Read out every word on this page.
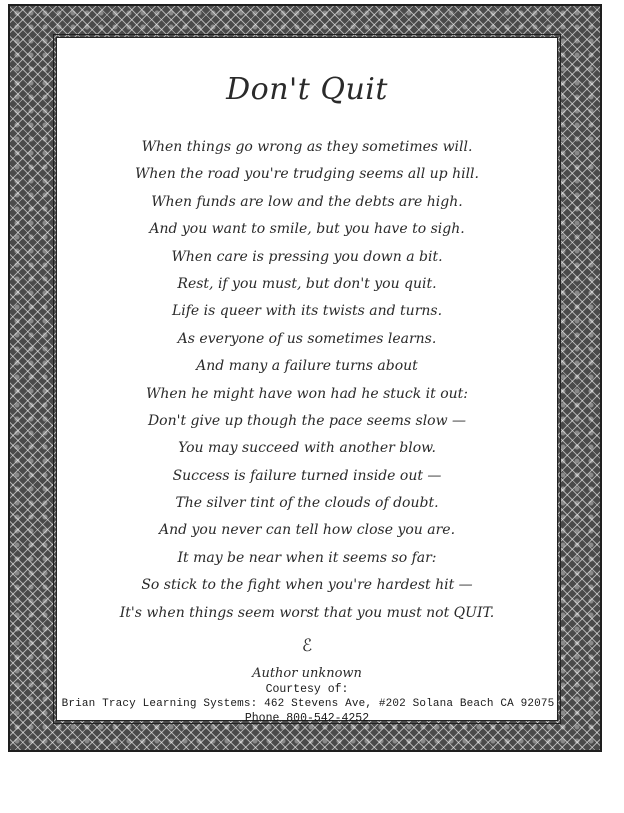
Don't Quit
When things go wrong as they sometimes will.
When the road you're trudging seems all up hill.
When funds are low and the debts are high.
And you want to smile, but you have to sigh.
When care is pressing you down a bit.
Rest, if you must, but don't you quit.
Life is queer with its twists and turns.
As everyone of us sometimes learns.
And many a failure turns about
When he might have won had he stuck it out:
Don't give up though the pace seems slow —
You may succeed with another blow.
Success is failure turned inside out —
The silver tint of the clouds of doubt.
And you never can tell how close you are.
It may be near when it seems so far:
So stick to the fight when you're hardest hit —
It's when things seem worst that you must not QUIT.
ℰ
Author unknown
Courtesy of:
Brian Tracy Learning Systems: 462 Stevens Ave, #202 Solana Beach CA 92075
Phone 800-542-4252
